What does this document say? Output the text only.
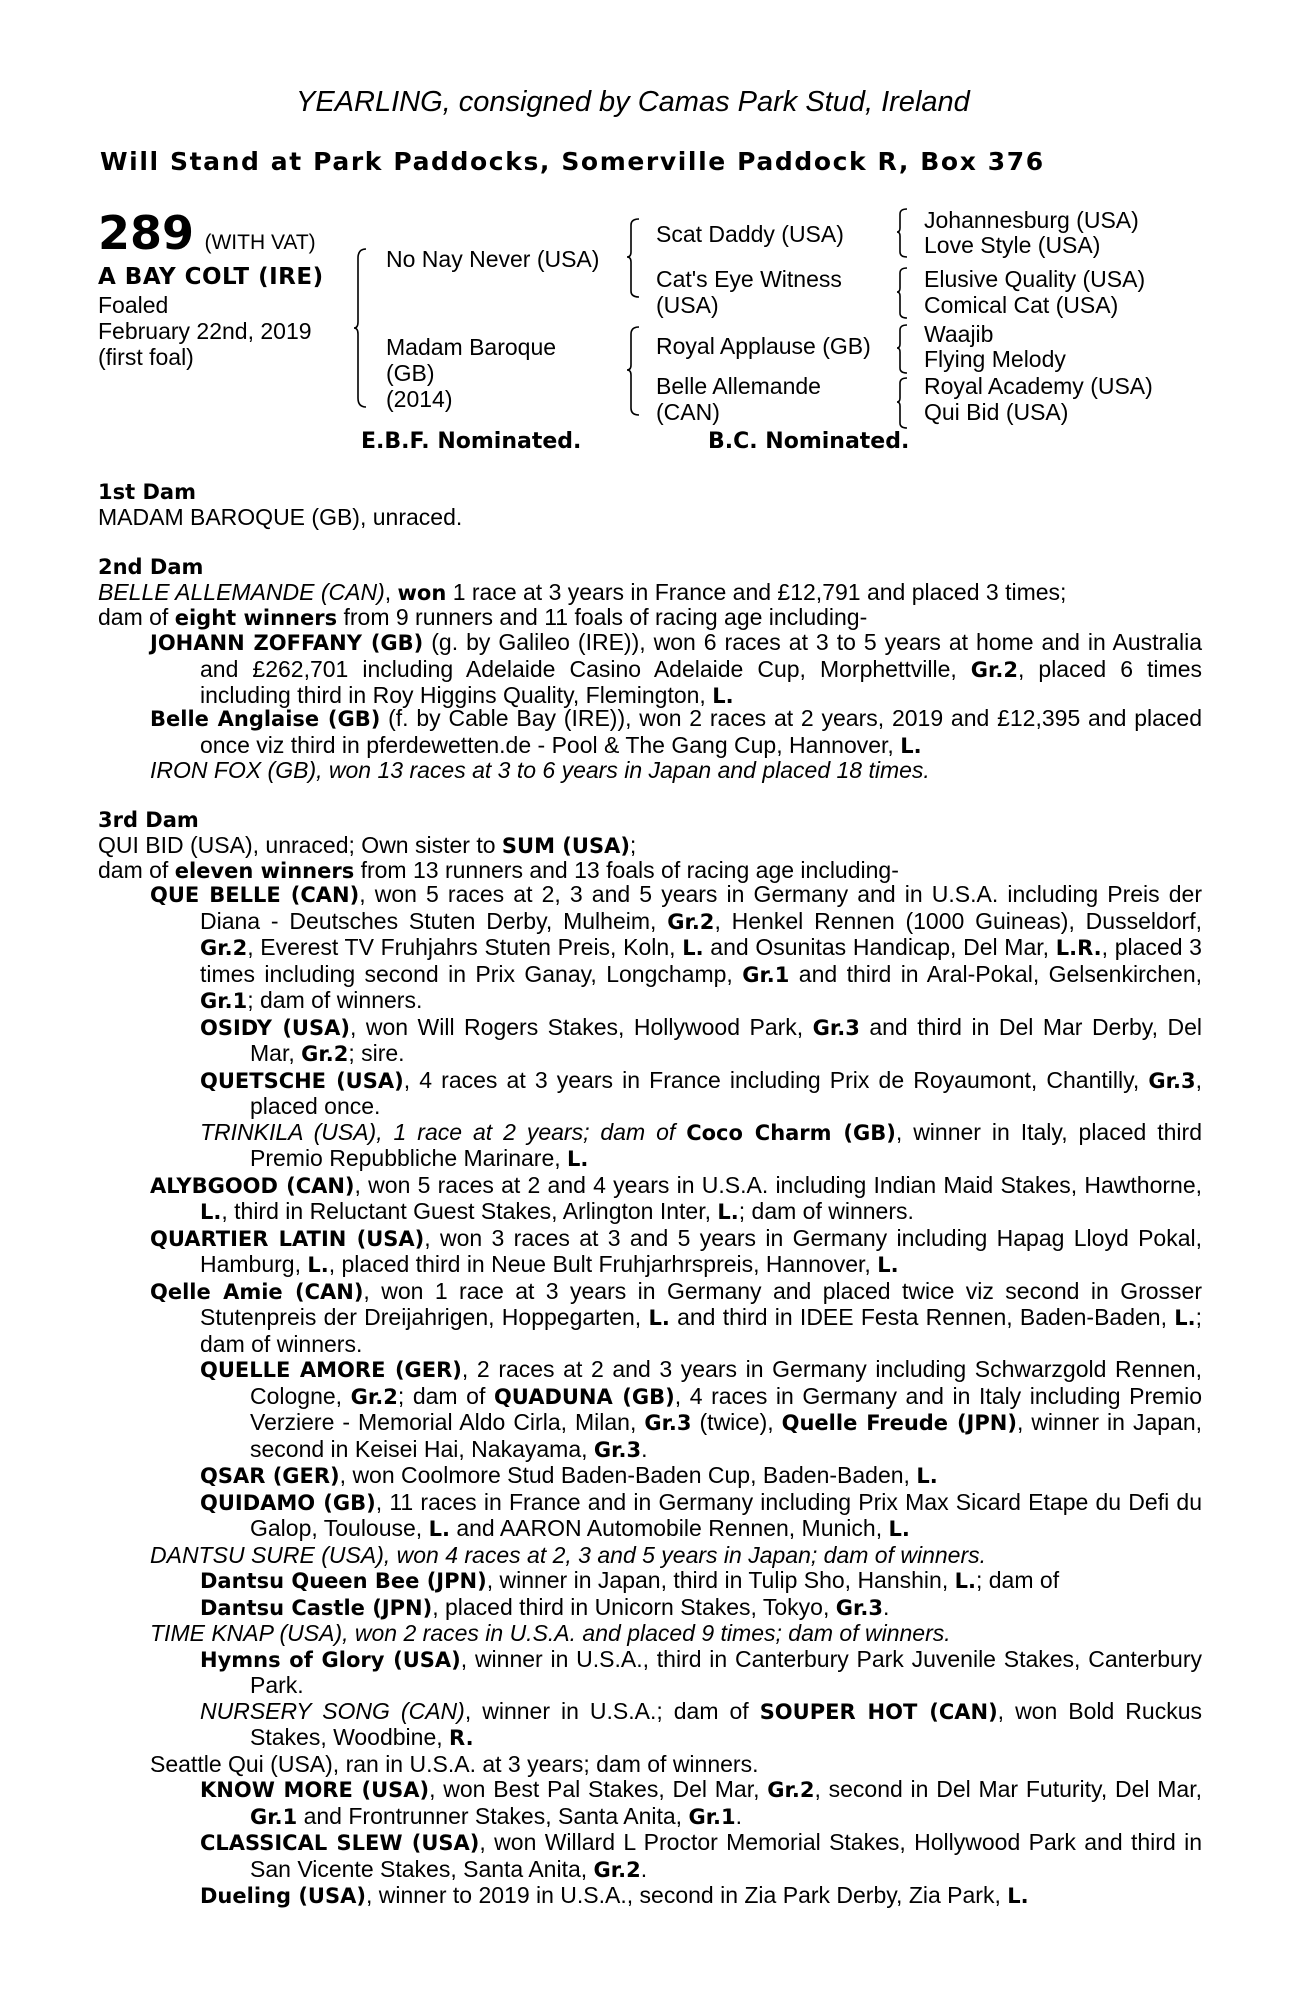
YEARLING, consigned by Camas Park Stud, Ireland
Will Stand at Park Paddocks, Somerville Paddock R, Box 376
289 (WITH VAT)
A BAY COLT (IRE)
Foaled
February 22nd, 2019
(first foal)
No Nay Never (USA)
Madam Baroque
(GB)
(2014)
Scat Daddy (USA)
Cat's Eye Witness
(USA)
Royal Applause (GB)
Belle Allemande
(CAN)
Johannesburg (USA)
Love Style (USA)
Elusive Quality (USA)
Comical Cat (USA)
Waajib
Flying Melody
Royal Academy (USA)
Qui Bid (USA)
E.B.F. Nominated.	B.C. Nominated.
1st Dam
MADAM BAROQUE (GB), unraced.
2nd Dam
BELLE ALLEMANDE (CAN), won 1 race at 3 years in France and £12,791 and placed 3 times;
dam of eight winners from 9 runners and 11 foals of racing age including-

JOHANN ZOFFANY (GB) (g. by Galileo (IRE)), won 6 races at 3 to 5 years at home and in Australia and £262,701 including Adelaide Casino Adelaide Cup, Morphettville, Gr.2, placed 6 times including third in Roy Higgins Quality, Flemington, L.

Belle Anglaise (GB) (f. by Cable Bay (IRE)), won 2 races at 2 years, 2019 and £12,395 and placed once viz third in pferdewetten.de - Pool & The Gang Cup, Hannover, L.

IRON FOX (GB), won 13 races at 3 to 6 years in Japan and placed 18 times.
3rd Dam
QUI BID (USA), unraced; Own sister to SUM (USA);
dam of eleven winners from 13 runners and 13 foals of racing age including-

QUE BELLE (CAN), won 5 races at 2, 3 and 5 years in Germany and in U.S.A. including Preis der Diana - Deutsches Stuten Derby, Mulheim, Gr.2, Henkel Rennen (1000 Guineas), Dusseldorf, Gr.2, Everest TV Fruhjahrs Stuten Preis, Koln, L. and Osunitas Handicap, Del Mar, L.R., placed 3 times including second in Prix Ganay, Longchamp, Gr.1 and third in Aral-Pokal, Gelsenkirchen, Gr.1; dam of winners.

OSIDY (USA), won Will Rogers Stakes, Hollywood Park, Gr.3 and third in Del Mar Derby, Del Mar, Gr.2; sire.

QUETSCHE (USA), 4 races at 3 years in France including Prix de Royaumont, Chantilly, Gr.3, placed once.

TRINKILA (USA), 1 race at 2 years; dam of Coco Charm (GB), winner in Italy, placed third Premio Repubbliche Marinare, L.

ALYBGOOD (CAN), won 5 races at 2 and 4 years in U.S.A. including Indian Maid Stakes, Hawthorne, L., third in Reluctant Guest Stakes, Arlington Inter, L.; dam of winners.

QUARTIER LATIN (USA), won 3 races at 3 and 5 years in Germany including Hapag Lloyd Pokal, Hamburg, L., placed third in Neue Bult Fruhjarhrspreis, Hannover, L.

Qelle Amie (CAN), won 1 race at 3 years in Germany and placed twice viz second in Grosser Stutenpreis der Dreijahrigen, Hoppegarten, L. and third in IDEE Festa Rennen, Baden-Baden, L.; dam of winners.

QUELLE AMORE (GER), 2 races at 2 and 3 years in Germany including Schwarzgold Rennen, Cologne, Gr.2; dam of QUADUNA (GB), 4 races in Germany and in Italy including Premio Verziere - Memorial Aldo Cirla, Milan, Gr.3 (twice), Quelle Freude (JPN), winner in Japan, second in Keisei Hai, Nakayama, Gr.3.

QSAR (GER), won Coolmore Stud Baden-Baden Cup, Baden-Baden, L.

QUIDAMO (GB), 11 races in France and in Germany including Prix Max Sicard Etape du Defi du Galop, Toulouse, L. and AARON Automobile Rennen, Munich, L.

DANTSU SURE (USA), won 4 races at 2, 3 and 5 years in Japan; dam of winners.

Dantsu Queen Bee (JPN), winner in Japan, third in Tulip Sho, Hanshin, L.; dam of

Dantsu Castle (JPN), placed third in Unicorn Stakes, Tokyo, Gr.3.

TIME KNAP (USA), won 2 races in U.S.A. and placed 9 times; dam of winners.

Hymns of Glory (USA), winner in U.S.A., third in Canterbury Park Juvenile Stakes, Canterbury Park.

NURSERY SONG (CAN), winner in U.S.A.; dam of SOUPER HOT (CAN), won Bold Ruckus Stakes, Woodbine, R.

Seattle Qui (USA), ran in U.S.A. at 3 years; dam of winners.

KNOW MORE (USA), won Best Pal Stakes, Del Mar, Gr.2, second in Del Mar Futurity, Del Mar, Gr.1 and Frontrunner Stakes, Santa Anita, Gr.1.

CLASSICAL SLEW (USA), won Willard L Proctor Memorial Stakes, Hollywood Park and third in San Vicente Stakes, Santa Anita, Gr.2.

Dueling (USA), winner to 2019 in U.S.A., second in Zia Park Derby, Zia Park, L.
